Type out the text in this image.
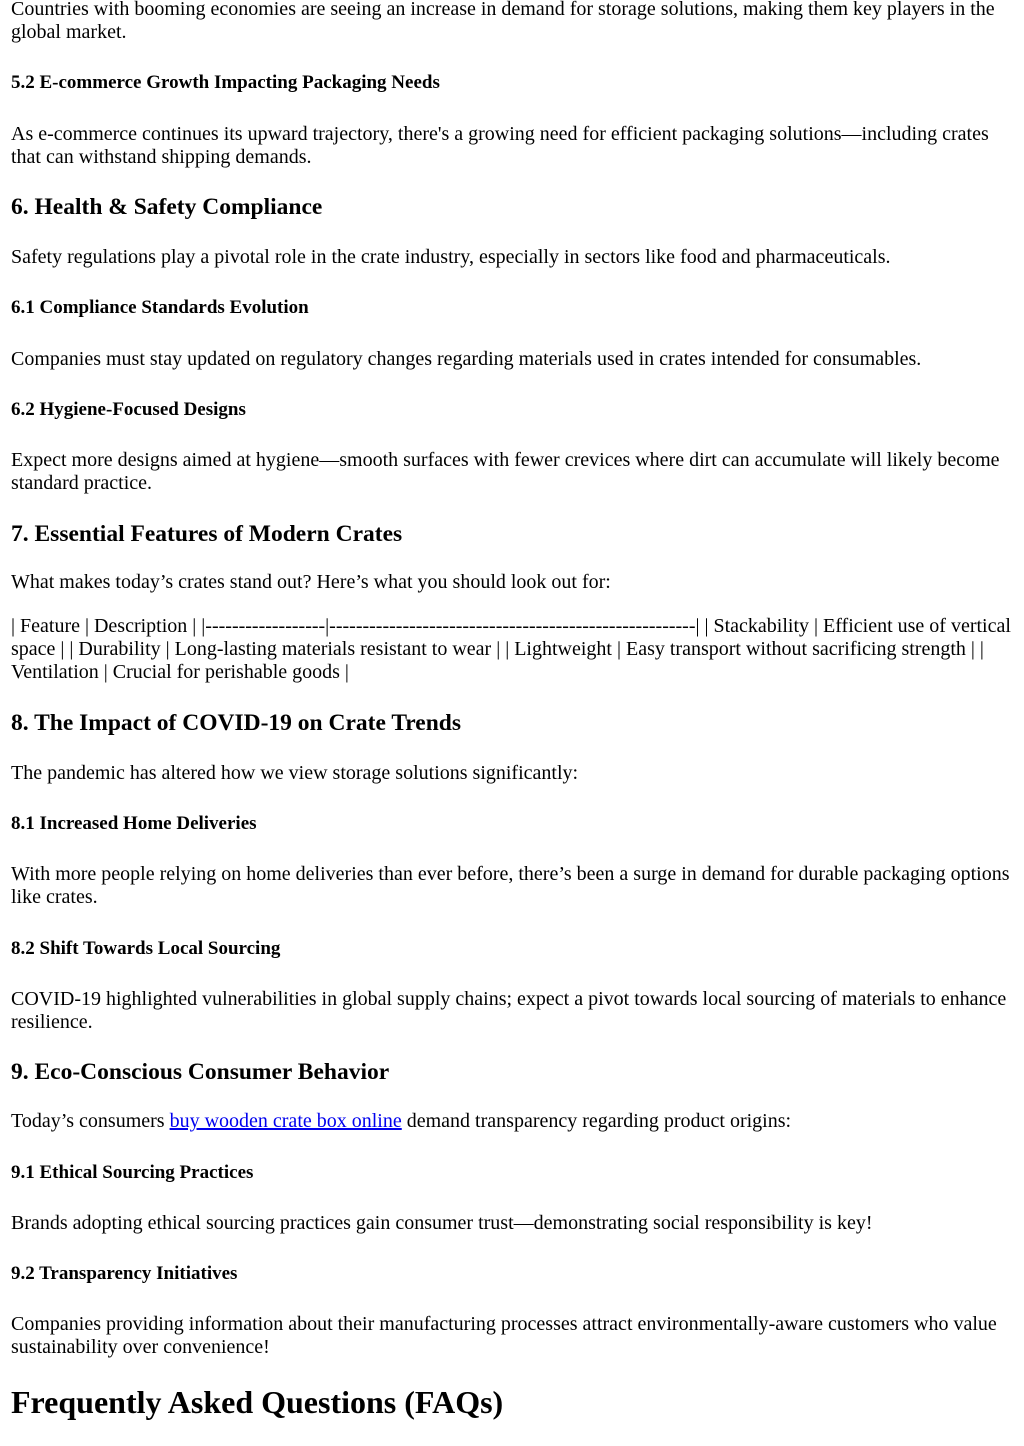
Countries with booming economies are seeing an increase in demand for storage solutions, making them key players in the global market.

5.2 E-commerce Growth Impacting Packaging Needs

As e-commerce continues its upward trajectory, there's a growing need for efficient packaging solutions—including crates that can withstand shipping demands.

6. Health & Safety Compliance

Safety regulations play a pivotal role in the crate industry, especially in sectors like food and pharmaceuticals.

6.1 Compliance Standards Evolution

Companies must stay updated on regulatory changes regarding materials used in crates intended for consumables.

6.2 Hygiene-Focused Designs

Expect more designs aimed at hygiene—smooth surfaces with fewer crevices where dirt can accumulate will likely become standard practice.

7. Essential Features of Modern Crates

What makes today’s crates stand out? Here’s what you should look out for:

| Feature | Description | |------------------|-------------------------------------------------------| | Stackability | Efficient use of vertical space | | Durability | Long-lasting materials resistant to wear | | Lightweight | Easy transport without sacrificing strength | | Ventilation | Crucial for perishable goods |

8. The Impact of COVID-19 on Crate Trends

The pandemic has altered how we view storage solutions significantly:

8.1 Increased Home Deliveries

With more people relying on home deliveries than ever before, there’s been a surge in demand for durable packaging options like crates.

8.2 Shift Towards Local Sourcing

COVID-19 highlighted vulnerabilities in global supply chains; expect a pivot towards local sourcing of materials to enhance resilience.

9. Eco-Conscious Consumer Behavior

Today’s consumers buy wooden crate box online demand transparency regarding product origins:

9.1 Ethical Sourcing Practices

Brands adopting ethical sourcing practices gain consumer trust—demonstrating social responsibility is key!

9.2 Transparency Initiatives

Companies providing information about their manufacturing processes attract environmentally-aware customers who value sustainability over convenience!

Frequently Asked Questions (FAQs)
